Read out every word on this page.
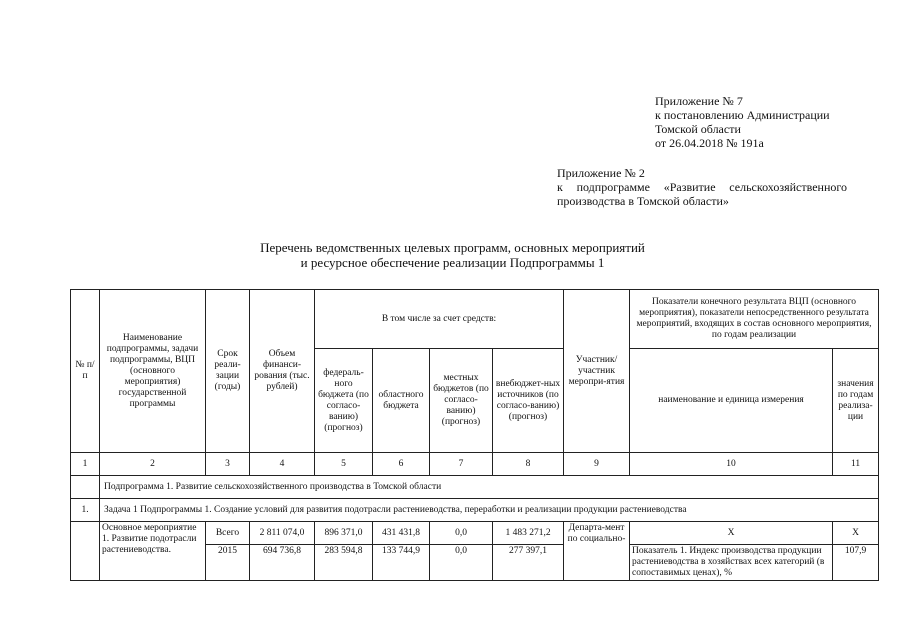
Приложение № 7
к постановлению Администрации
Томской области
от 26.04.2018 № 191а
Приложение № 2
к подпрограмме «Развитие сельскохозяйственного
производства в Томской области»
Перечень ведомственных целевых программ, основных мероприятий
и ресурсное обеспечение реализации Подпрограммы 1
№ п/п	Наименование подпрограммы, задачи подпрограммы, ВЦП (основного мероприятия) государственной программы	Срок реали-зации (годы)	Объем финанси-рования (тыс. рублей)	В том числе за счет средств:				Участник/ участник меропри-ятия	Показатели конечного результата ВЦП (основного мероприятия), показатели непосредственного результата мероприятий, входящих в состав основного мероприятия, по годам реализации	
				федераль-ного бюджета (по согласо-ванию) (прогноз)	областного бюджета	местных бюджетов (по согласо-ванию) (прогноз)	внебюджет-ных источников (по согласо-ванию) (прогноз)		наименование и единица измерения	значения по годам реализа-ции
1	2	3	4	5	6	7	8	9	10	11
	Подпрограмма 1. Развитие сельскохозяйственного производства в Томской области									
1.	Задача 1 Подпрограммы 1. Создание условий для развития подотрасли растениеводства, переработки и реализации продукции растениеводства									
	Основное мероприятие 1. Развитие подотрасли растениеводства.	Всего	2 811 074,0	896 371,0	431 431,8	0,0	1 483 271,2	Департа-мент по социально-	X	X
		2015	694 736,8	283 594,8	133 744,9	0,0	277 397,1		Показатель 1. Индекс производства продукции растениеводства в хозяйствах всех категорий (в сопоставимых ценах), %	107,9
